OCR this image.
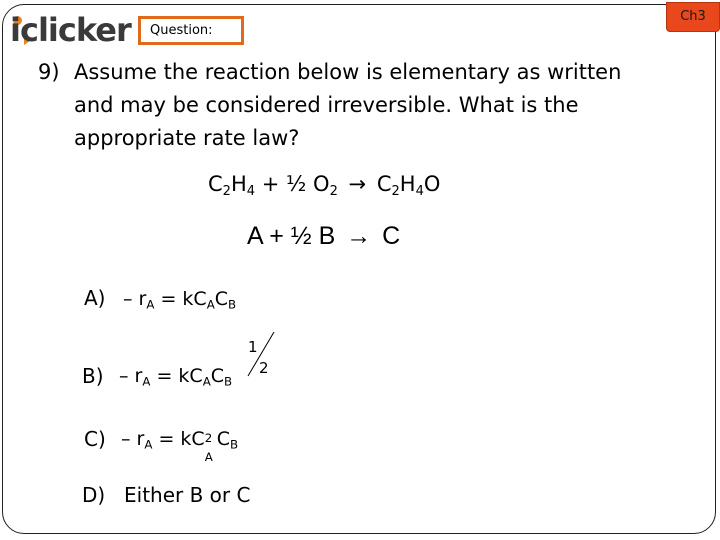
iclicker Question:
Ch3
9) Assume the reaction below is elementary as written
and may be considered irreversible. What is the
appropriate rate law?
$C_2H_4$ + ½ $O_2 \to C_2H_4O$
A + ½ B → C
$A) - r_A = kC_AC_B$
$B) - r_A = kC_AC_B$
1
2
$C) - r_A$ = kC 2
A
$C_B$
D) Either B or C
